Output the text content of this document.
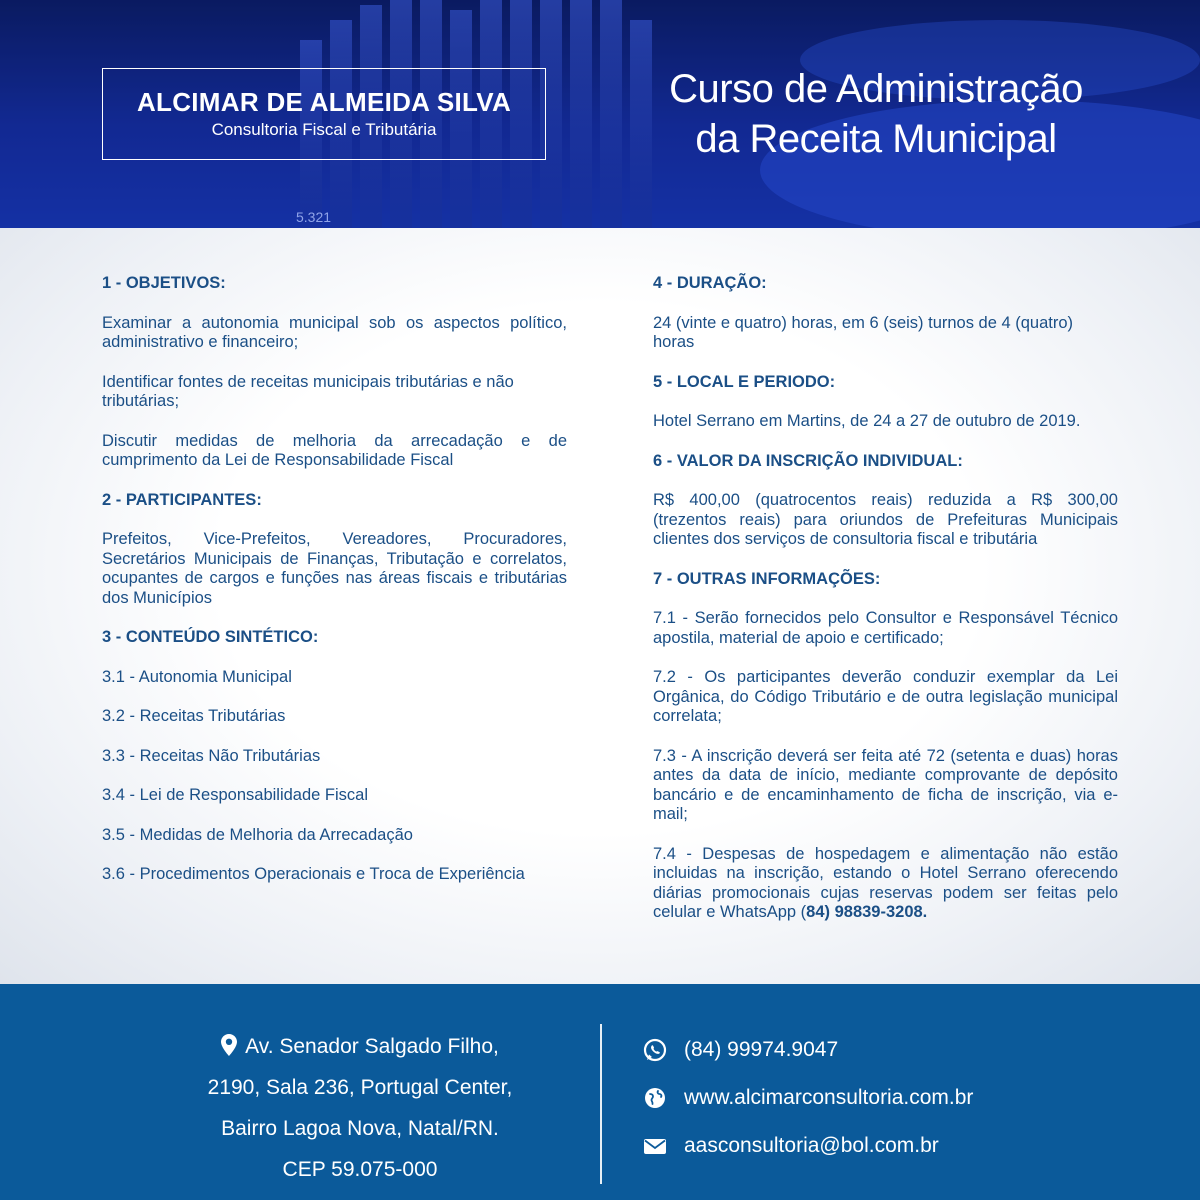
5.321
ALCIMAR DE ALMEIDA SILVA
Consultoria Fiscal e Tributária
Curso de Administração
da Receita Municipal
1 - OBJETIVOS:
Examinar a autonomia municipal sob os aspectos político, administrativo e financeiro;
Identificar fontes de receitas municipais tributárias e não tributárias;
Discutir medidas de melhoria da arrecadação e de cumprimento da Lei de Responsabilidade Fiscal
2 - PARTICIPANTES:
Prefeitos, Vice-Prefeitos, Vereadores, Procuradores, Secretários Municipais de Finanças, Tributação e correlatos, ocupantes de cargos e funções nas áreas fiscais e tributárias dos Municípios
3 - CONTEÚDO SINTÉTICO:
3.1 - Autonomia Municipal
3.2 - Receitas Tributárias
3.3 - Receitas Não Tributárias
3.4 - Lei de Responsabilidade Fiscal
3.5 - Medidas de Melhoria da Arrecadação
3.6 - Procedimentos Operacionais e Troca de Experiência
4 - DURAÇÃO:
24 (vinte e quatro) horas, em 6 (seis) turnos de 4 (quatro) horas
5 - LOCAL E PERIODO:
Hotel Serrano em Martins, de 24 a 27 de outubro de 2019.
6 - VALOR DA INSCRIÇÃO INDIVIDUAL:
R$ 400,00 (quatrocentos reais) reduzida a R$ 300,00 (trezentos reais) para oriundos de Prefeituras Municipais clientes dos serviços de consultoria fiscal e tributária
7 - OUTRAS INFORMAÇÕES:
7.1 - Serão fornecidos pelo Consultor e Responsável Técnico apostila, material de apoio e certificado;
7.2 - Os participantes deverão conduzir exemplar da Lei Orgânica, do Código Tributário e de outra legislação municipal correlata;
7.3 - A inscrição deverá ser feita até 72 (setenta e duas) horas antes da data de início, mediante comprovante de depósito bancário e de encaminhamento de ficha de inscrição, via e-mail;
7.4 - Despesas de hospedagem e alimentação não estão incluidas na inscrição, estando o Hotel Serrano oferecendo diárias promocionais cujas reservas podem ser feitas pelo celular e WhatsApp (84) 98839-3208.
Av. Senador Salgado Filho,
2190, Sala 236, Portugal Center,
Bairro Lagoa Nova, Natal/RN.
CEP 59.075-000
(84) 99974.9047
www.alcimarconsultoria.com.br
aasconsultoria@bol.com.br
